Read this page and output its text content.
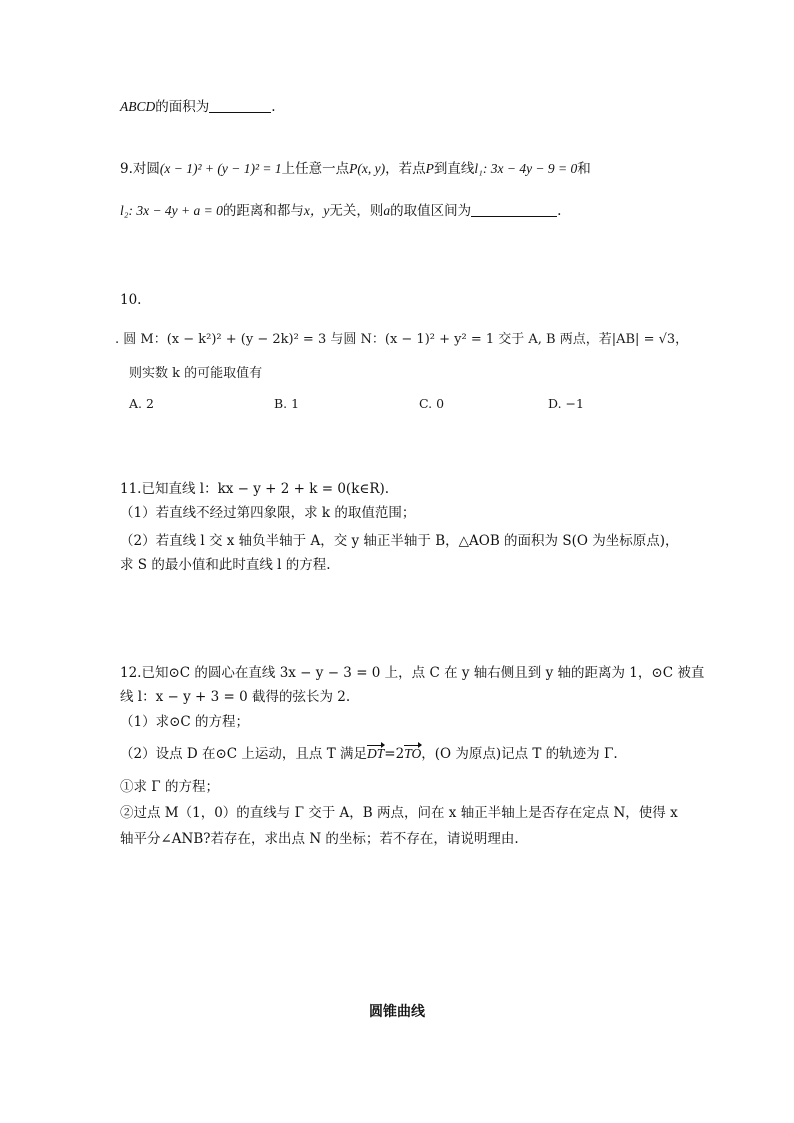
ABCD的面积为	.
9.对圆(x − 1)² + (y − 1)² = 1上任意一点P(x, y)，若点P到直线l₁: 3x − 4y − 9 = 0和
l₂: 3x − 4y + a = 0的距离和都与x，y无关，则a的取值区间为	.
10.
. 圆 M：(x − k²)² + (y − 2k)² = 3 与圆 N：(x − 1)² + y² = 1 交于 A, B 两点，若|AB| = √3，
则实数 k 的可能取值有
A. 2	B. 1	C. 0	D. −1
11.已知直线 l：kx − y + 2 + k = 0(k∈R).
（1）若直线不经过第四象限，求 k 的取值范围；
（2）若直线 l 交 x 轴负半轴于 A，交 y 轴正半轴于 B，△AOB 的面积为 S(O 为坐标原点)，
求 S 的最小值和此时直线 l 的方程.
12.已知⊙C 的圆心在直线 3x − y − 3 = 0 上，点 C 在 y 轴右侧且到 y 轴的距离为 1，⊙C 被直
线 l：x − y + 3 = 0 截得的弦长为 2.
（1）求⊙C 的方程；
（2）设点 D 在⊙C 上运动，且点 T 满足DT=2TO，(O 为原点)记点 T 的轨迹为 Γ.
①求 Γ 的方程；
②过点 M（1，0）的直线与 Γ 交于 A，B 两点，问在 x 轴正半轴上是否存在定点 N，使得 x
轴平分∠ANB?若存在，求出点 N 的坐标；若不存在，请说明理由.
圆锥曲线
